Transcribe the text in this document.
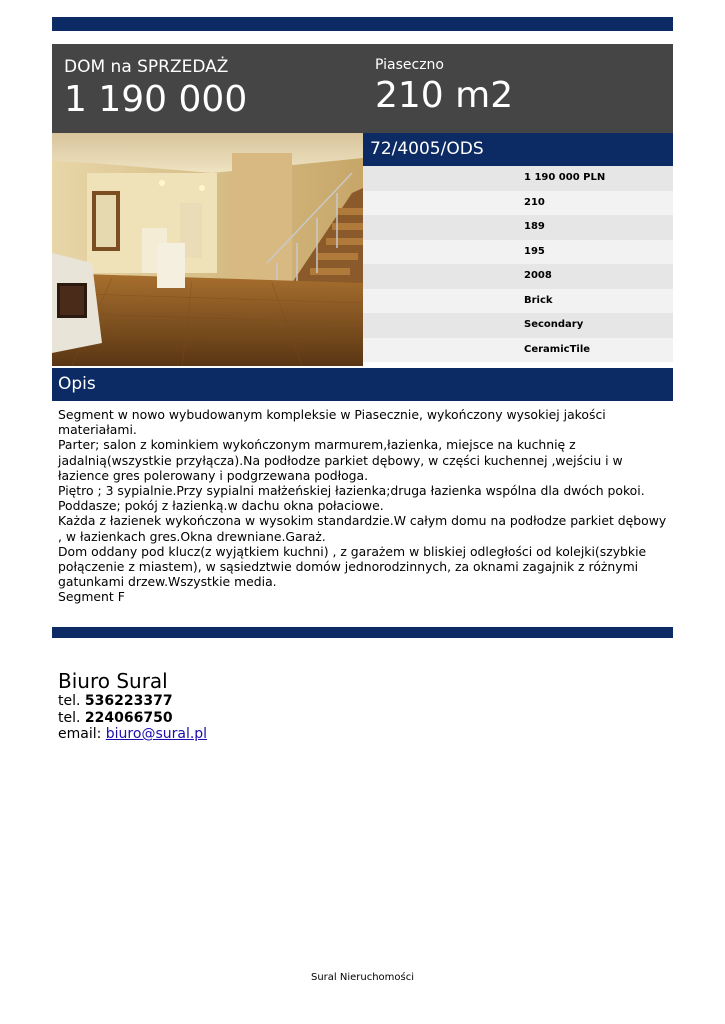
DOM na SPRZEDAŻ
1 190 000
Piaseczno
210 m2
72/4005/ODS
1 190 000 PLN
210
189
195
2008
Brick
Secondary
CeramicTile
Opis

Segment w nowo wybudowanym kompleksie w Piasecznie, wykończony wysokiej jakości materiałami.

Parter; salon z kominkiem wykończonym marmurem,łazienka, miejsce na kuchnię z jadalnią(wszystkie przyłącza).Na podłodze parkiet dębowy, w części kuchennej ,wejściu i w łazience gres polerowany i podgrzewana podłoga.

Piętro ; 3 sypialnie.Przy sypialni małżeńskiej łazienka;druga łazienka wspólna dla dwóch pokoi.

Poddasze; pokój z łazienką.w dachu okna połaciowe.

Każda z łazienek wykończona w wysokim standardzie.W całym domu na podłodze parkiet dębowy , w łazienkach gres.Okna drewniane.Garaż.

Dom oddany pod klucz(z wyjątkiem kuchni) , z garażem w bliskiej odległości od kolejki(szybkie połączenie z miastem), w sąsiedztwie domów jednorodzinnych, za oknami zagajnik z różnymi gatunkami drzew.Wszystkie media.

Segment F

Biuro Sural
tel. 536223377
tel. 224066750
email: biuro@sural.pl
Sural Nieruchomości
